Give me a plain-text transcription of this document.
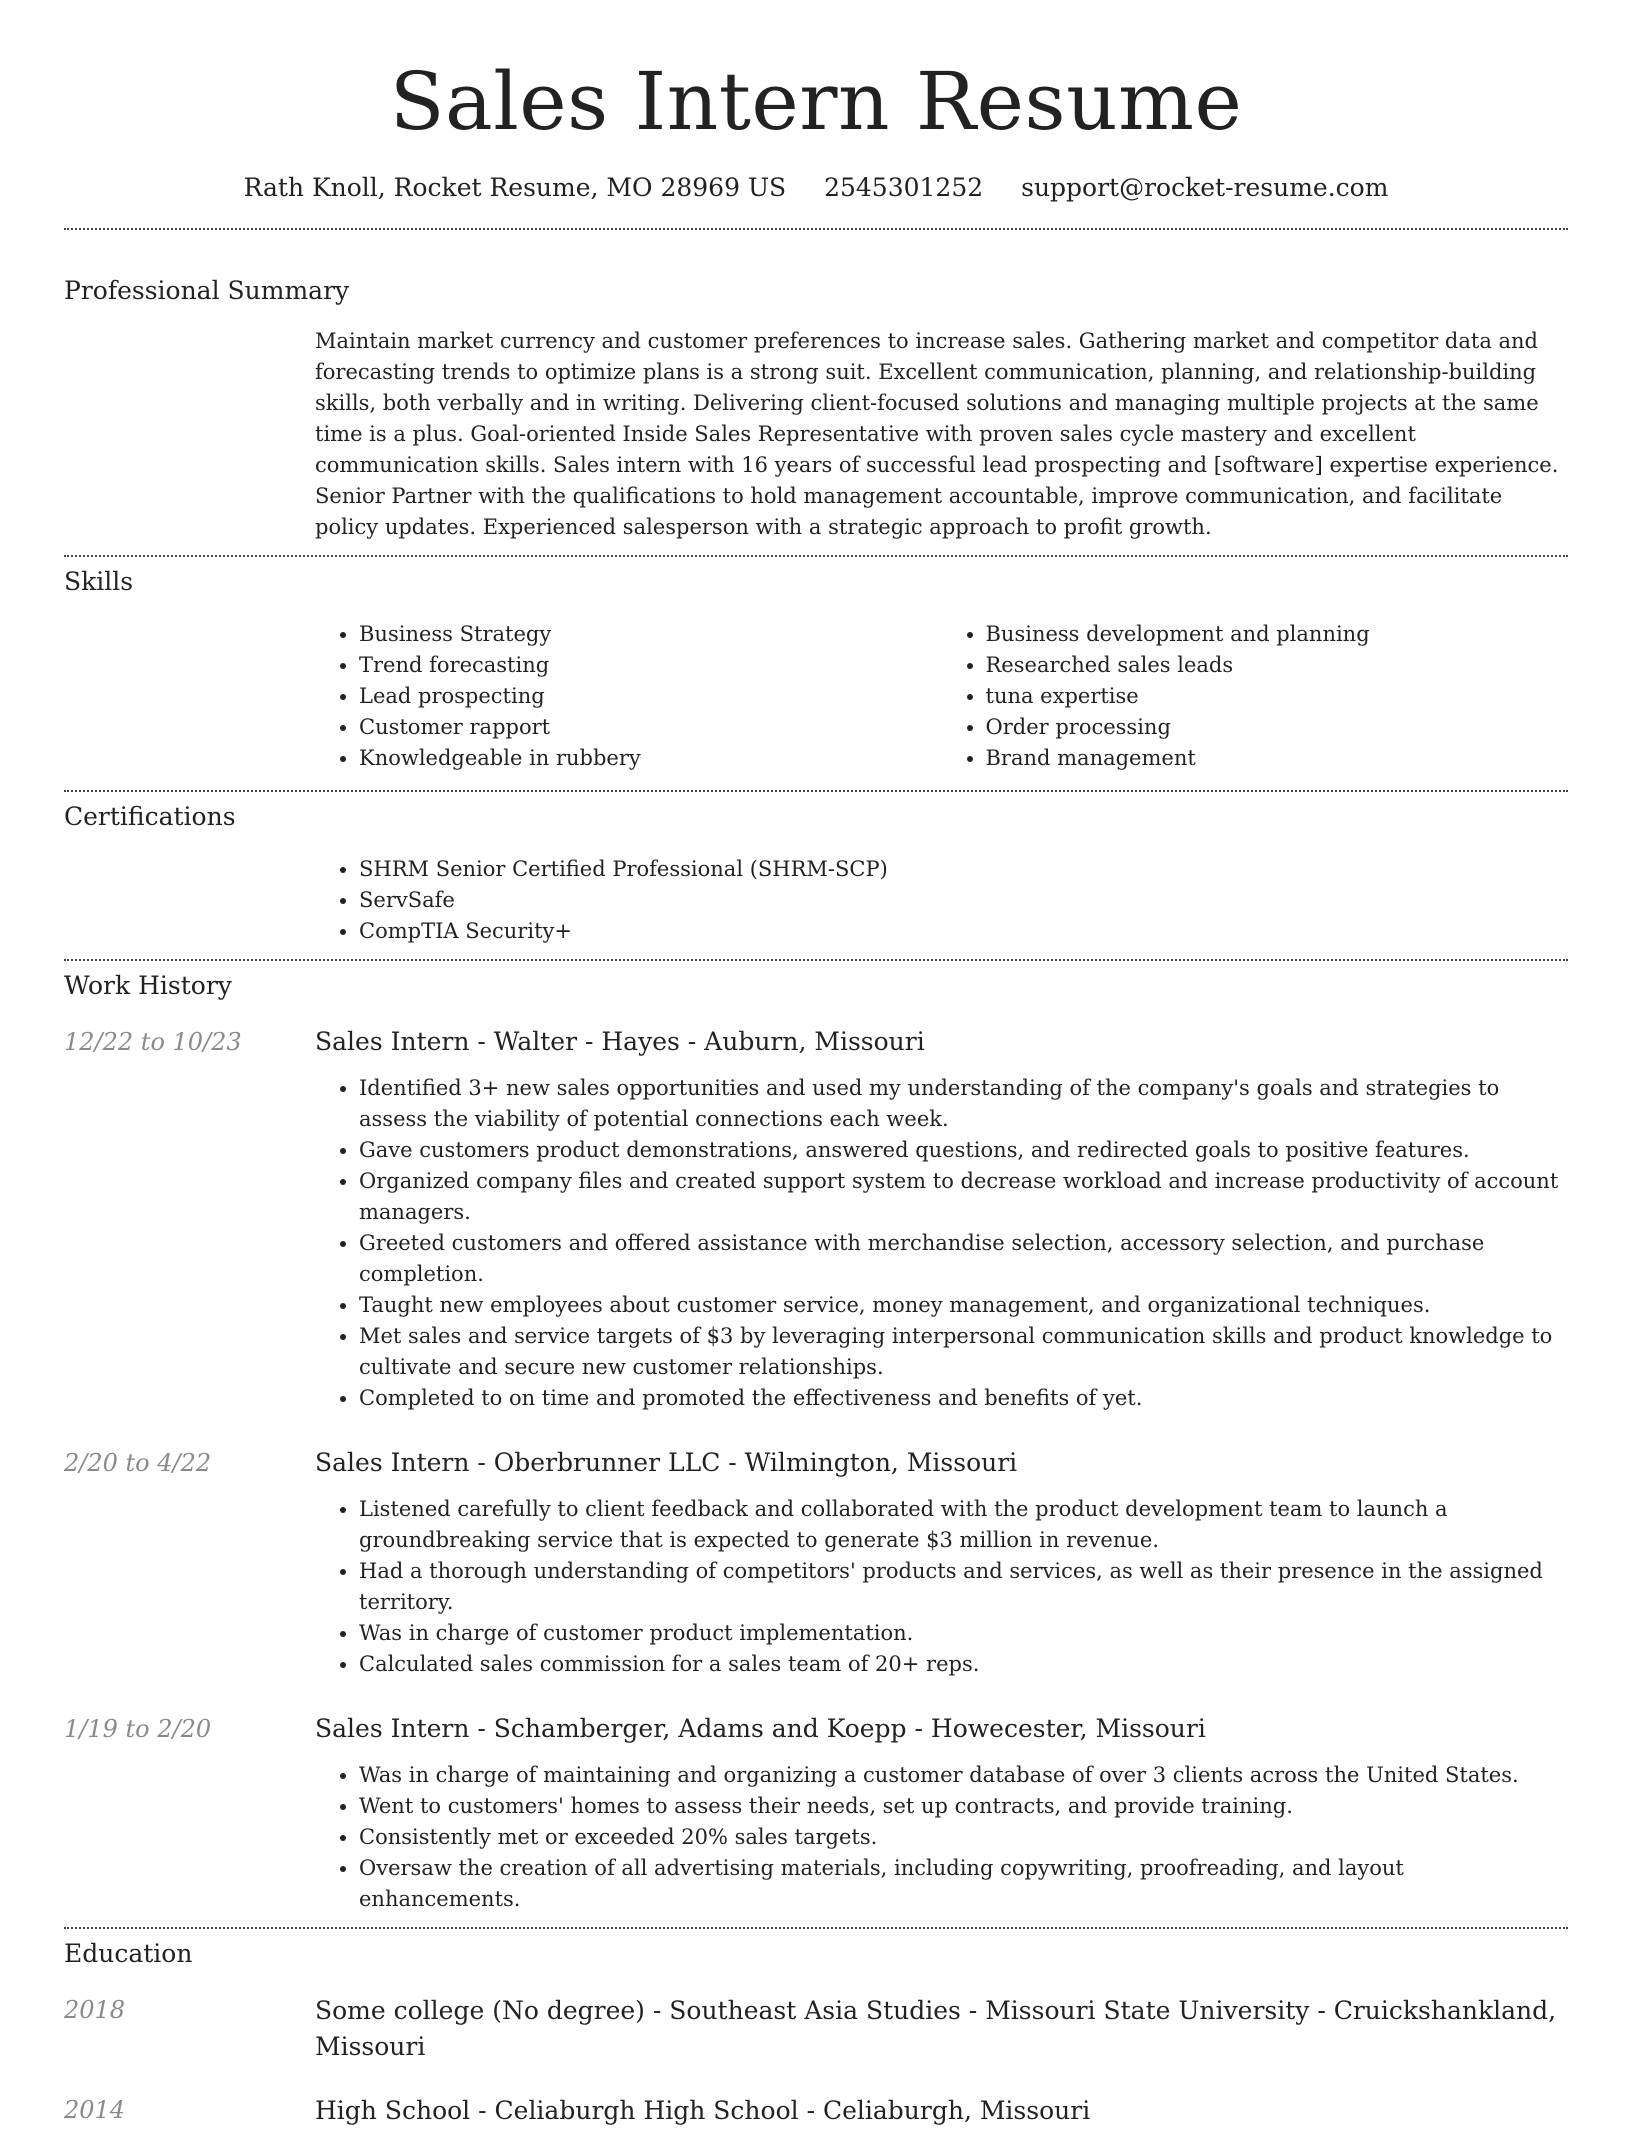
Sales Intern Resume
Rath Knoll, Rocket Resume, MO 28969 US 2545301252 support@rocket-resume.com
Professional Summary

Maintain market currency and customer preferences to increase sales. Gathering market and competitor data and forecasting trends to optimize plans is a strong suit. Excellent communication, planning, and relationship-building skills, both verbally and in writing. Delivering client-focused solutions and managing multiple projects at the same time is a plus. Goal-oriented Inside Sales Representative with proven sales cycle mastery and excellent communication skills. Sales intern with 16 years of successful lead prospecting and [software] expertise experience. Senior Partner with the qualifications to hold management accountable, improve communication, and facilitate policy updates. Experienced salesperson with a strategic approach to profit growth.

Skills
• Business Strategy
• Trend forecasting
• Lead prospecting
• Customer rapport
• Knowledgeable in rubbery
• Business development and planning
• Researched sales leads
• tuna expertise
• Order processing
• Brand management
Certifications
• SHRM Senior Certified Professional (SHRM-SCP)
• ServSafe
• CompTIA Security+
Work History
12/22 to 10/23	Sales Intern - Walter - Hayes - Auburn, Missouri
• Identified 3+ new sales opportunities and used my understanding of the company's goals and strategies to assess the viability of potential connections each week.
• Gave customers product demonstrations, answered questions, and redirected goals to positive features.
• Organized company files and created support system to decrease workload and increase productivity of account managers.
• Greeted customers and offered assistance with merchandise selection, accessory selection, and purchase completion.
• Taught new employees about customer service, money management, and organizational techniques.
• Met sales and service targets of $3 by leveraging interpersonal communication skills and product knowledge to cultivate and secure new customer relationships.
• Completed to on time and promoted the effectiveness and benefits of yet.
2/20 to 4/22	Sales Intern - Oberbrunner LLC - Wilmington, Missouri
• Listened carefully to client feedback and collaborated with the product development team to launch a groundbreaking service that is expected to generate $3 million in revenue.
• Had a thorough understanding of competitors' products and services, as well as their presence in the assigned territory.
• Was in charge of customer product implementation.
• Calculated sales commission for a sales team of 20+ reps.
1/19 to 2/20	Sales Intern - Schamberger, Adams and Koepp - Howecester, Missouri
• Was in charge of maintaining and organizing a customer database of over 3 clients across the United States.
• Went to customers' homes to assess their needs, set up contracts, and provide training.
• Consistently met or exceeded 20% sales targets.
• Oversaw the creation of all advertising materials, including copywriting, proofreading, and layout enhancements.
Education
2018	Some college (No degree) - Southeast Asia Studies - Missouri State University - Cruickshankland, Missouri
2014	High School - Celiaburgh High School - Celiaburgh, Missouri
